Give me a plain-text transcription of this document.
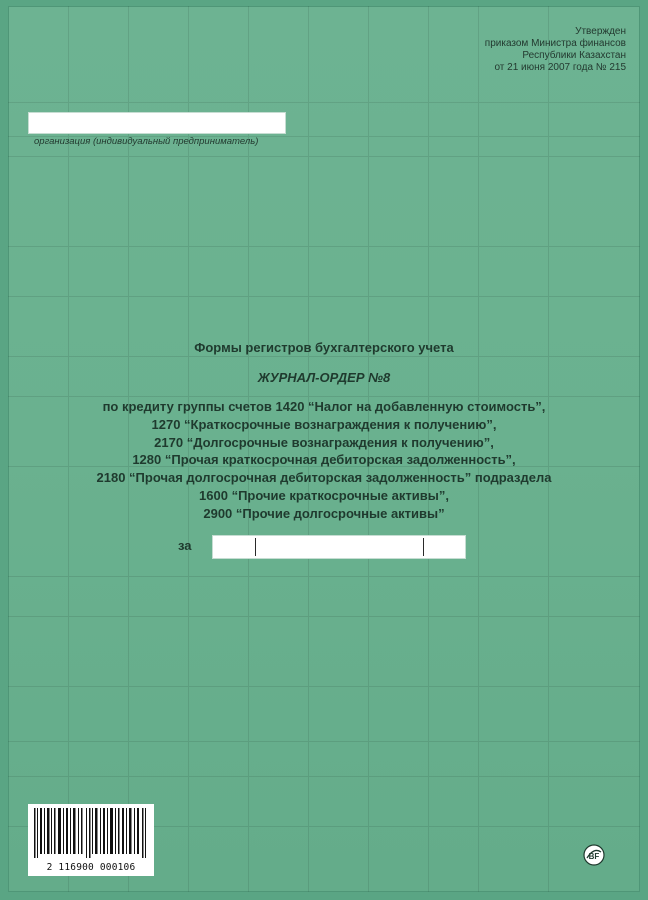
Утвержден
приказом Министра финансов
Республики Казахстан
от 21 июня 2007 года № 215
организация (индивидуальный предприниматель)
Формы регистров бухгалтерского учета
ЖУРНАЛ-ОРДЕР №8
по кредиту группы счетов 1420 “Налог на добавленную стоимость”,
1270 “Краткосрочные вознаграждения к получению”,
2170 “Долгосрочные вознаграждения к получению”,
1280 “Прочая краткосрочная дебиторская задолженность”,
2180 “Прочая долгосрочная дебиторская задолженность” подраздела
1600 “Прочие краткосрочные активы”,
2900 “Прочие долгосрочные активы”
за
2 116900 000106
BF
